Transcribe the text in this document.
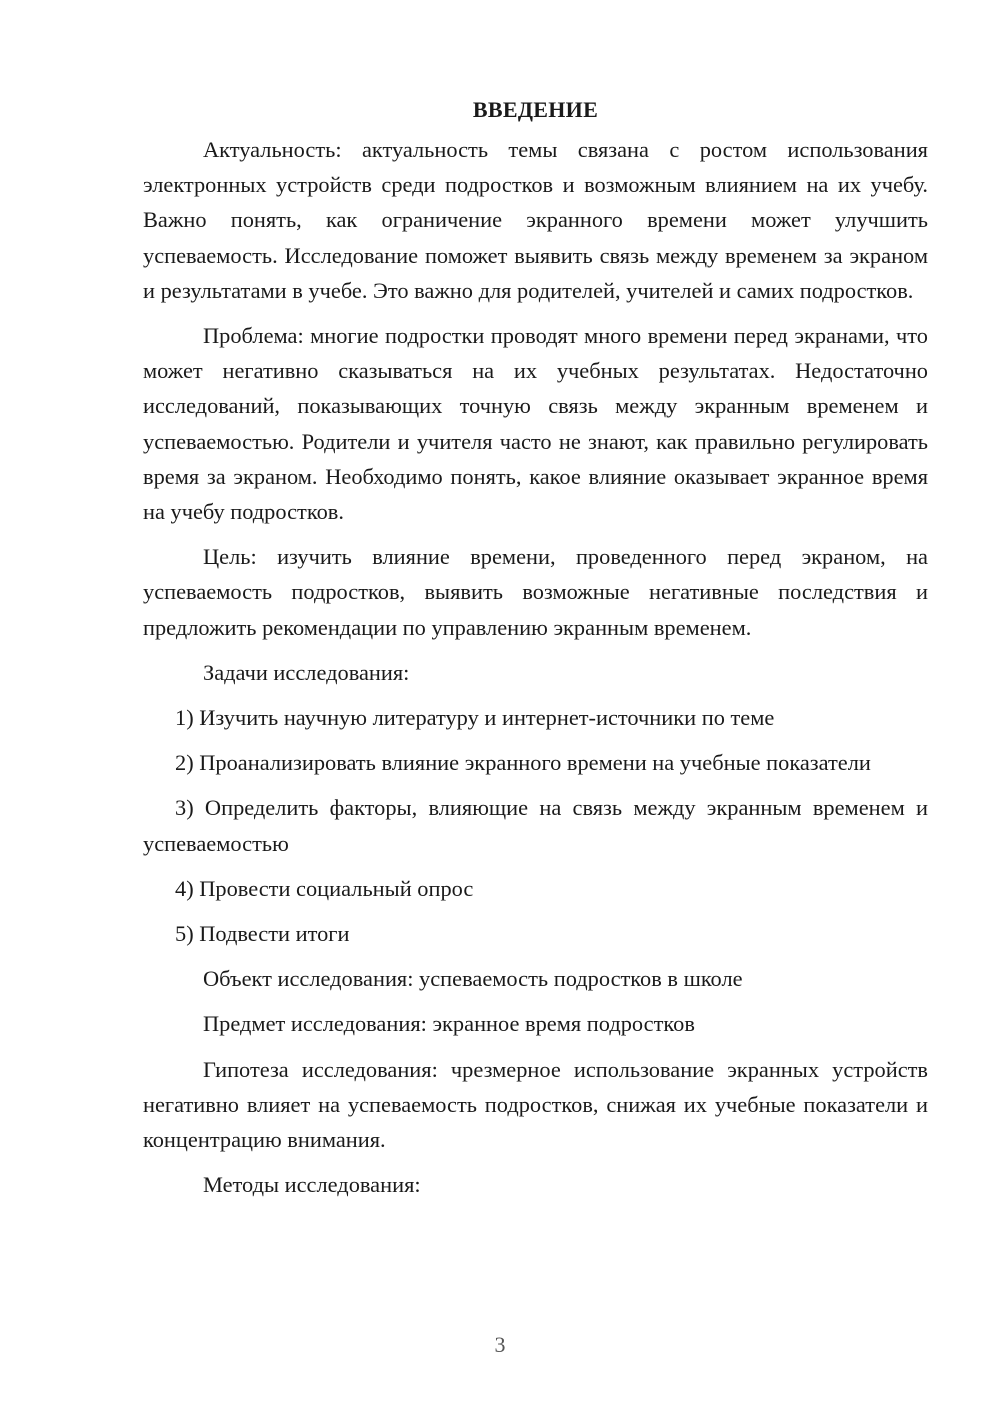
ВВЕДЕНИЕ

Актуальность: актуальность темы связана с ростом использования электронных устройств среди подростков и возможным влиянием на их учебу. Важно понять, как ограничение экранного времени может улучшить успеваемость. Исследование поможет выявить связь между временем за экраном и результатами в учебе. Это важно для родителей, учителей и самих подростков.

Проблема: многие подростки проводят много времени перед экранами, что может негативно сказываться на их учебных результатах. Недостаточно исследований, показывающих точную связь между экранным временем и успеваемостью. Родители и учителя часто не знают, как правильно регулировать время за экраном. Необходимо понять, какое влияние оказывает экранное время на учебу подростков.

Цель: изучить влияние времени, проведенного перед экраном, на успеваемость подростков, выявить возможные негативные последствия и предложить рекомендации по управлению экранным временем.

Задачи исследования:

1) Изучить научную литературу и интернет-источники по теме

2) Проанализировать влияние экранного времени на учебные показатели

3) Определить факторы, влияющие на связь между экранным временем и успеваемостью

4) Провести социальный опрос

5) Подвести итоги

Объект исследования: успеваемость подростков в школе

Предмет исследования: экранное время подростков

Гипотеза исследования: чрезмерное использование экранных устройств негативно влияет на успеваемость подростков, снижая их учебные показатели и концентрацию внимания.

Методы исследования:

3
